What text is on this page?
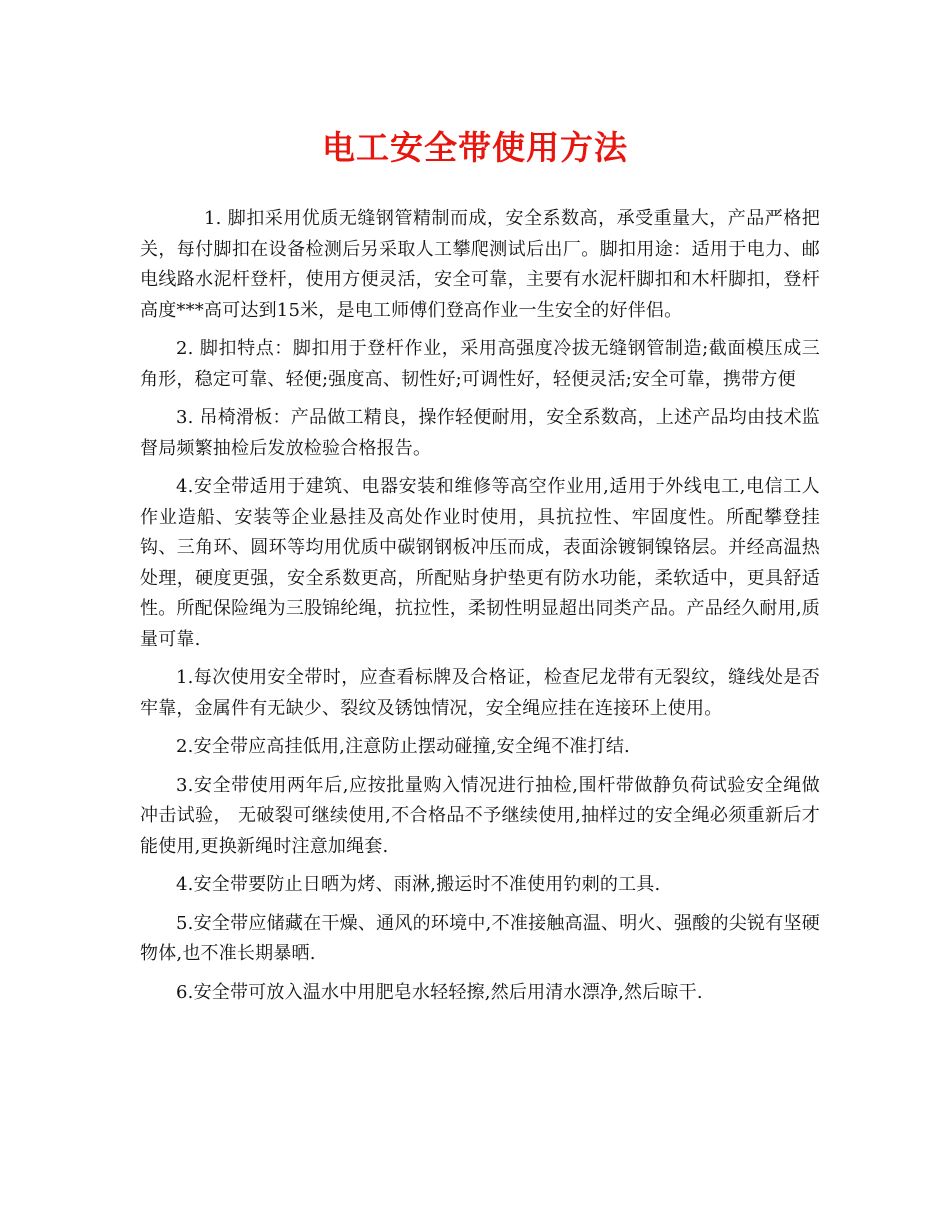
电工安全带使用方法

1. 脚扣采用优质无缝钢管精制而成，安全系数高，承受重量大，产品严格把关，每付脚扣在设备检测后另采取人工攀爬测试后出厂。脚扣用途：适用于电力、邮电线路水泥杆登杆，使用方便灵活，安全可靠，主要有水泥杆脚扣和木杆脚扣，登杆高度***高可达到15米，是电工师傅们登高作业一生安全的好伴侣。

2. 脚扣特点：脚扣用于登杆作业，采用高强度冷拔无缝钢管制造;截面模压成三角形，稳定可靠、轻便;强度高、韧性好;可调性好，轻便灵活;安全可靠，携带方便

3. 吊椅滑板：产品做工精良，操作轻便耐用，安全系数高，上述产品均由技术监督局频繁抽检后发放检验合格报告。

4.安全带适用于建筑、电器安装和维修等高空作业用,适用于外线电工,电信工人作业造船、安装等企业悬挂及高处作业时使用，具抗拉性、牢固度性。所配攀登挂钩、三角环、圆环等均用优质中碳钢钢板冲压而成，表面涂镀铜镍铬层。并经高温热处理，硬度更强，安全系数更高，所配贴身护垫更有防水功能，柔软适中，更具舒适性。所配保险绳为三股锦纶绳，抗拉性，柔韧性明显超出同类产品。产品经久耐用,质量可靠.

1.每次使用安全带时，应查看标牌及合格证，检查尼龙带有无裂纹，缝线处是否牢靠，金属件有无缺少、裂纹及锈蚀情况，安全绳应挂在连接环上使用。

2.安全带应高挂低用,注意防止摆动碰撞,安全绳不准打结.

3.安全带使用两年后,应按批量购入情况进行抽检,围杆带做静负荷试验安全绳做冲击试验， 无破裂可继续使用,不合格品不予继续使用,抽样过的安全绳必须重新后才能使用,更换新绳时注意加绳套.

4.安全带要防止日晒为烤、雨淋,搬运时不准使用钓刺的工具.

5.安全带应储藏在干燥、通风的环境中,不准接触高温、明火、强酸的尖锐有坚硬物体,也不准长期暴晒.

6.安全带可放入温水中用肥皂水轻轻擦,然后用清水漂净,然后晾干.
